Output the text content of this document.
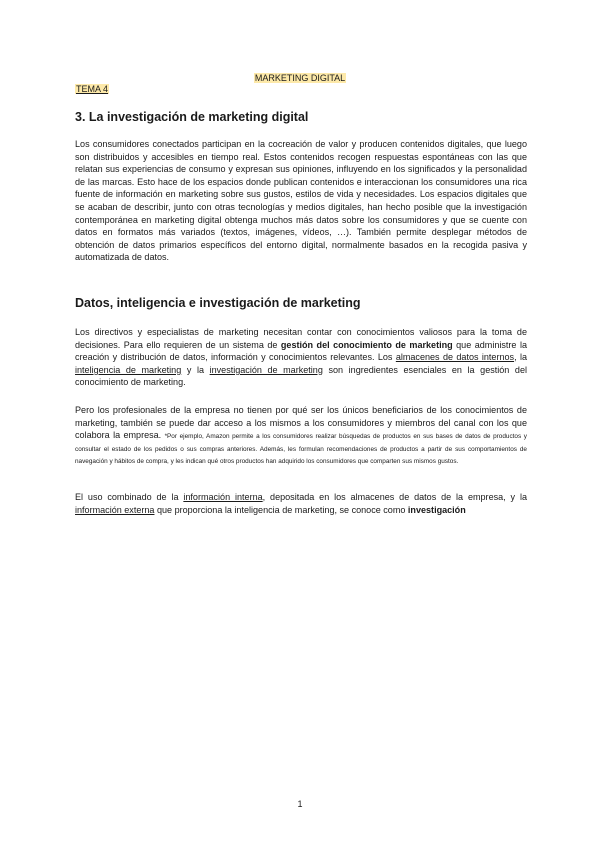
MARKETING DIGITAL
TEMA 4
3. La investigación de marketing digital

Los consumidores conectados participan en la cocreación de valor y producen contenidos digitales, que luego son distribuidos y accesibles en tiempo real. Estos contenidos recogen respuestas espontáneas con las que relatan sus experiencias de consumo y expresan sus opiniones, influyendo en los significados y la personalidad de las marcas. Esto hace de los espacios donde publican contenidos e interaccionan los consumidores una rica fuente de información en marketing sobre sus gustos, estilos de vida y necesidades. Los espacios digitales que se acaban de describir, junto con otras tecnologías y medios digitales, han hecho posible que la investigación contemporánea en marketing digital obtenga muchos más datos sobre los consumidores y que se cuente con datos en formatos más variados (textos, imágenes, vídeos, …). También permite desplegar métodos de obtención de datos primarios específicos del entorno digital, normalmente basados en la recogida pasiva y automatizada de datos.

Datos, inteligencia e investigación de marketing

Los directivos y especialistas de marketing necesitan contar con conocimientos valiosos para la toma de decisiones. Para ello requieren de un sistema de gestión del conocimiento de marketing que administre la creación y distribución de datos, información y conocimientos relevantes. Los almacenes de datos internos, la inteligencia de marketing y la investigación de marketing son ingredientes esenciales en la gestión del conocimiento de marketing.

Pero los profesionales de la empresa no tienen por qué ser los únicos beneficiarios de los conocimientos de marketing, también se puede dar acceso a los mismos a los consumidores y miembros del canal con los que colabora la empresa. *Por ejemplo, Amazon permite a los consumidores realizar búsquedas de productos en sus bases de datos de productos y consultar el estado de los pedidos o sus compras anteriores. Además, les formulan recomendaciones de productos a partir de sus comportamientos de navegación y hábitos de compra, y les indican qué otros productos han adquirido los consumidores que comparten sus mismos gustos.

El uso combinado de la información interna, depositada en los almacenes de datos de la empresa, y la información externa que proporciona la inteligencia de marketing, se conoce como investigación

1
